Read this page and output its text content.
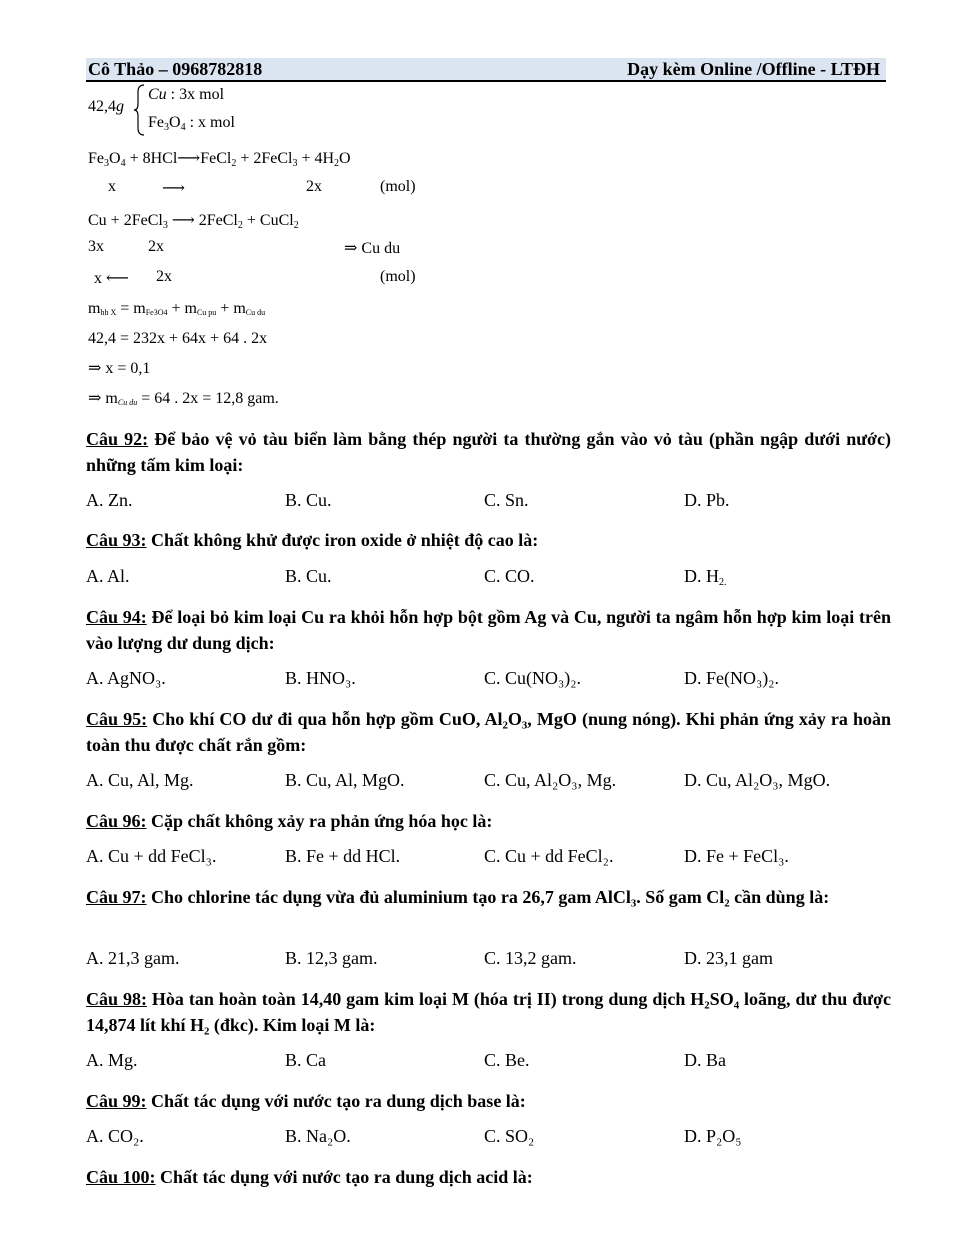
Cô Thảo – 0968782818	Dạy kèm Online /Offline - LTĐH
42,4g
Cu : 3x mol
$Fe_3O_4$ : x mol
$Fe_3O_4$ + 8HCl⟶FeCl$_2$ + 2FeCl$_3$ + $4H_2O$
x	⟶	2x	(mol)
Cu + 2FeCl$_3$ ⟶ 2FeCl$_2$ + CuCl$_2$
3x	2x	⇒ Cu du
x ⟵ 2x	(mol)
$m_{hh X} = m_{Fe3O4} + m_{Cu pu} + m_{Cu du}$
42,4 = 232x + 64x + 64 . 2x
⇒ x = 0,1
⇒ $m_{Cu du} = 64$ . 2x = 12,8 gam.
Câu 92: Để bảo vệ vỏ tàu biển làm bằng thép người ta thường gắn vào vỏ tàu (phần ngập dưới nước) những tấm kim loại:
A. Zn.	B. Cu.	C. Sn.	D. Pb.
Câu 93: Chất không khử được iron oxide ở nhiệt độ cao là:
A. Al.	B. Cu.	C. CO.	D. $H_{2.}$
Câu 94: Để loại bỏ kim loại Cu ra khỏi hỗn hợp bột gồm Ag và Cu, người ta ngâm hỗn hợp kim loại trên vào lượng dư dung dịch:
A. AgNO₃.	B. HNO₃.	C. Cu(NO₃)₂.	D. Fe(NO₃)₂.
Câu 95: Cho khí CO dư đi qua hỗn hợp gồm CuO, Al₂O₃, MgO (nung nóng). Khi phản ứng xảy ra hoàn toàn thu được chất rắn gồm:
A. Cu, Al, Mg.	B. Cu, Al, MgO.	C. Cu, Al₂O₃, Mg.	D. Cu, Al₂O₃, MgO.
Câu 96: Cặp chất không xảy ra phản ứng hóa học là:
A. Cu + dd FeCl₃.	B. Fe + dd HCl.	C. Cu + dd FeCl₂.	D. Fe + FeCl₃.
Câu 97: Cho chlorine tác dụng vừa đủ aluminium tạo ra 26,7 gam AlCl₃. Số gam Cl₂ cần dùng là:
A. 21,3 gam.	B. 12,3 gam.	C. 13,2 gam.	D. 23,1 gam
Câu 98: Hòa tan hoàn toàn 14,40 gam kim loại M (hóa trị II) trong dung dịch H₂SO₄ loãng, dư thu được 14,874 lít khí H₂ (đkc). Kim loại M là:
A. Mg.	B. Ca	C. Be.	D. Ba
Câu 99: Chất tác dụng với nước tạo ra dung dịch base là:
A. CO₂.	B. Na₂O.	C. SO₂	D. P₂O₅
Câu 100: Chất tác dụng với nước tạo ra dung dịch acid là:
